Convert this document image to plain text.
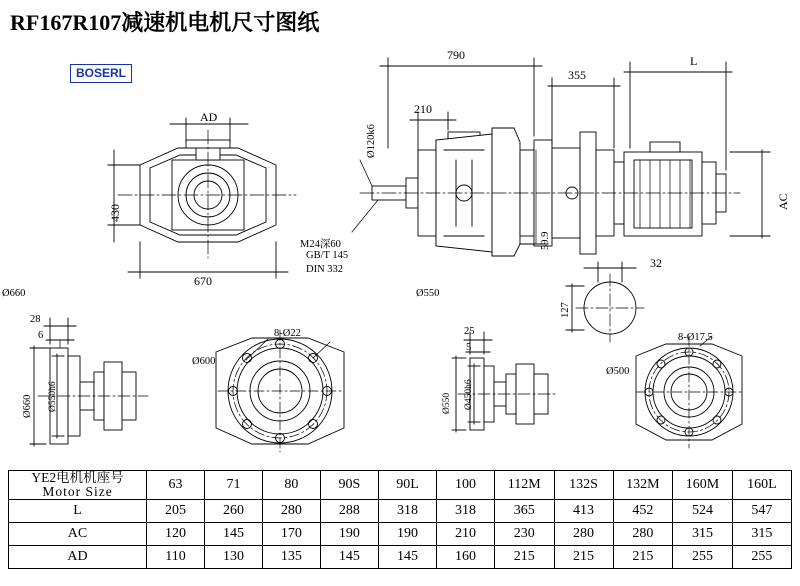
RF167R107减速机电机尺寸图纸
BOSERL
790
355
L
210
Ø120k6
59.9
AC
32
127
AD
430
670
M24深60
GB/T 145
DIN 332
Ø660	Ø550
28
6
Ø660 Ø550h6
Ø600
8-Ø22	25
5
Ø550 Ø450h6
Ø500
8-Ø17.5
YE2电机机座号
Motor Size	63	71	80	90S	90L	100	112M	132S	132M	160M	160L
L	205	260	280	288	318	318	365	413	452	524	547
AC	120	145	170	190	190	210	230	280	280	315	315
AD	110	130	135	145	145	160	215	215	215	255	255
